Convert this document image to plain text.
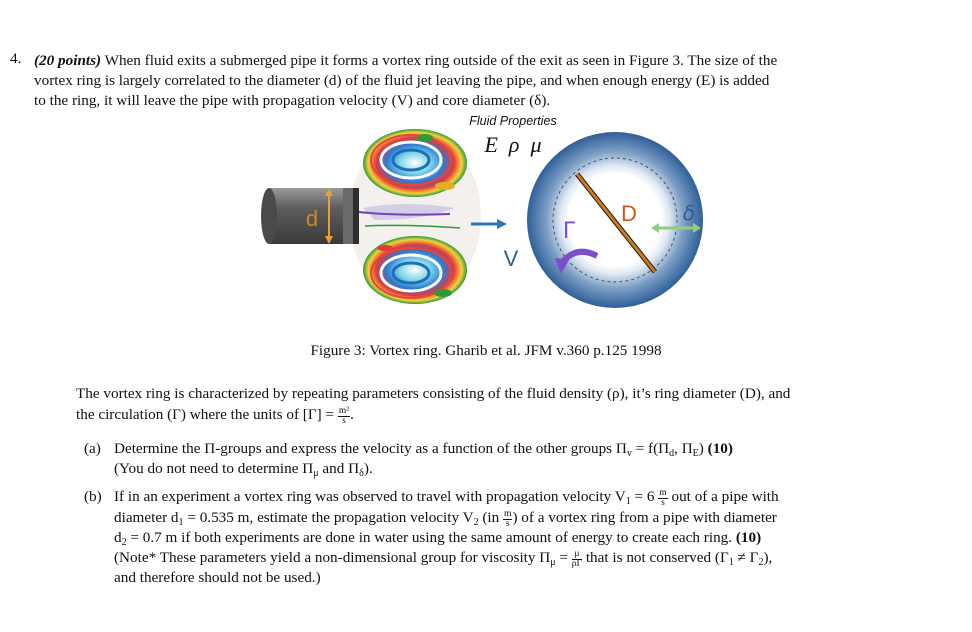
4. (20 points) When fluid exits a submerged pipe it forms a vortex ring outside of the exit as seen in Figure 3. The size of the
vortex ring is largely correlated to the diameter (d) of the fluid jet leaving the pipe, and when enough energy (E) is added
to the ring, it will leave the pipe with propagation velocity (V) and core diameter (δ).
Fluid Properties
E  ρ  μ
d
V
D δ
Γ
Figure 3: Vortex ring. Gharib et al. JFM v.360 p.125 1998
The vortex ring is characterized by repeating parameters consisting of the fluid density (ρ), it’s ring diameter (D), and
the circulation (Γ) where the units of $[\Gamma] = \frac{\text{m²}}{s}$ .
(a) Determine the Π-groups and express the velocity as a function of the other groups $\Pi_v = f(\Pi_d$, $\Pi_E$) (10)
(You do not need to determine $\Pi_\mu$ and $\Pi_\delta$).
(b) If in an experiment a vortex ring was observed to travel with propagation velocity $V_1 = 6 \frac{m}{s}$ out of a pipe with
diameter $d_1 = 0.535$ m, estimate the propagation velocity $V_2$ ($in \frac{m}{s}$ ) of a vortex ring from a pipe with diameter
$d_2 = 0.7$ m if both experiments are done in water using the same amount of energy to create each ring. (10)
(Note* These parameters yield a non-dimensional group for viscosity $\Pi_\mu = \frac{\mu}{\rho\Gamma}$ that is not conserved $(\Gamma_1 \ne \Gamma_2)$,
and therefore should not be used.)
